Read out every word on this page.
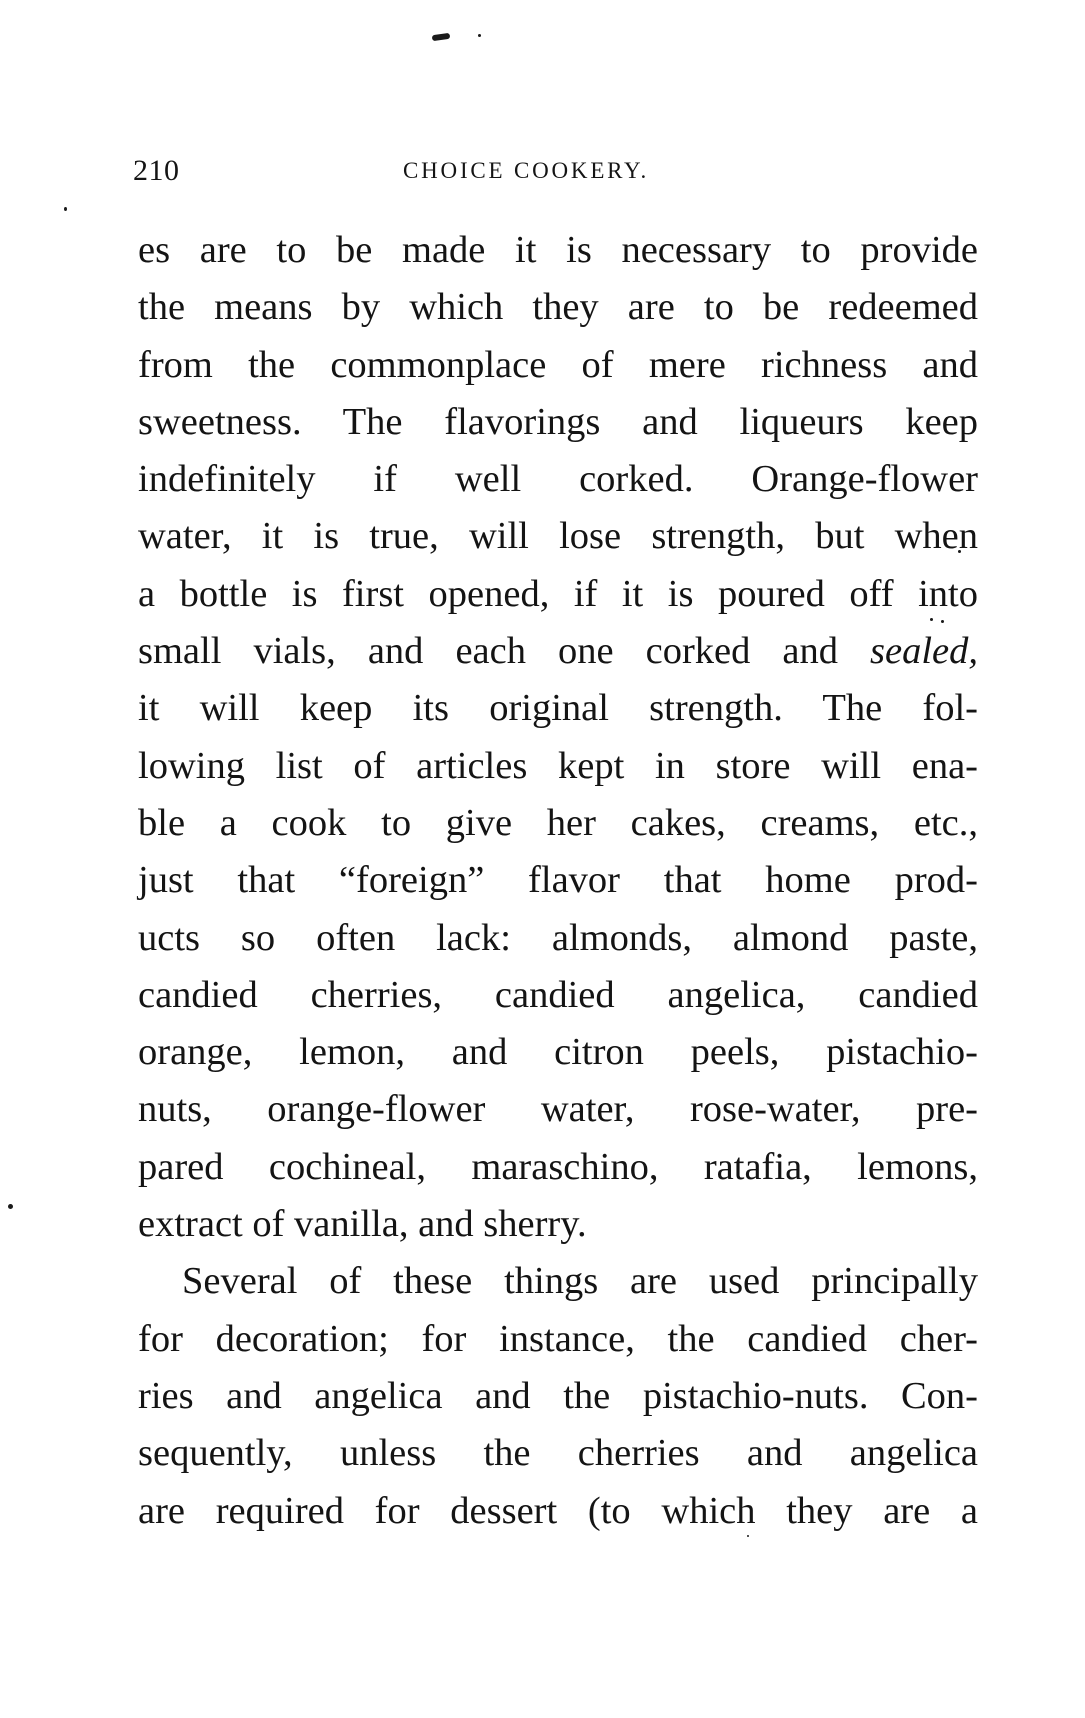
210	CHOICE COOKERY.
es are to be made it is necessary to provide
the means by which they are to be redeemed
from the commonplace of mere richness and
sweetness. The flavorings and liqueurs keep
indefinitely if well corked. Orange-flower
water, it is true, will lose strength, but when
a bottle is first opened, if it is poured off into
small vials, and each one corked and sealed,
it will keep its original strength. The fol-
lowing list of articles kept in store will ena-
ble a cook to give her cakes, creams, etc.,
just that “foreign” flavor that home prod-
ucts so often lack: almonds, almond paste,
candied cherries, candied angelica, candied
orange, lemon, and citron peels, pistachio-
nuts, orange-flower water, rose-water, pre-
pared cochineal, maraschino, ratafia, lemons,
extract of vanilla, and sherry.
Several of these things are used principally
for decoration; for instance, the candied cher-
ries and angelica and the pistachio-nuts. Con-
sequently, unless the cherries and angelica
are required for dessert (to which they are a
